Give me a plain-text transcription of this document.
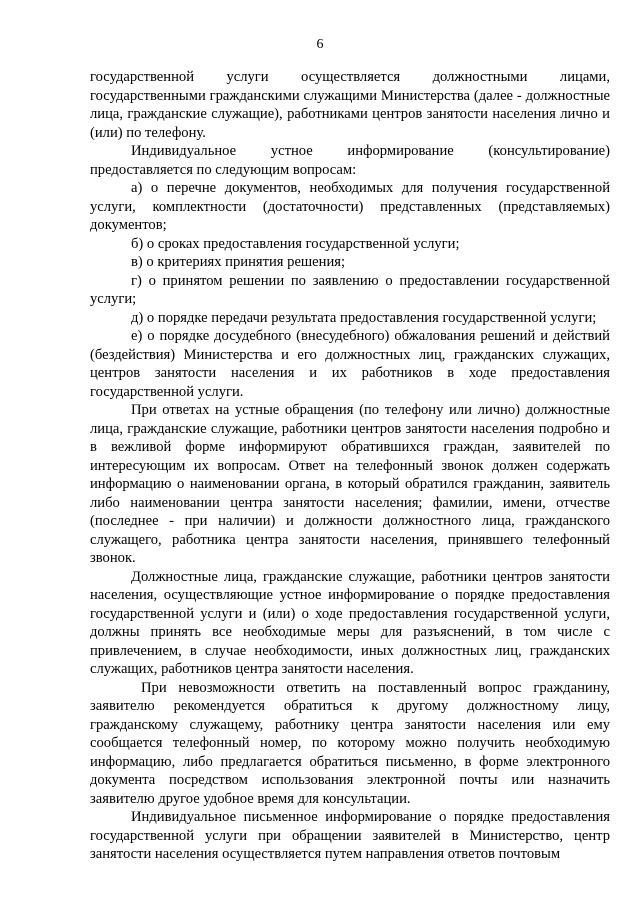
6

государственной услуги осуществляется должностными лицами, государственными гражданскими служащими Министерства (далее - должностные лица, гражданские служащие), работниками центров занятости населения лично и (или) по телефону.

Индивидуальное устное информирование (консультирование) предоставляется по следующим вопросам:

а) о перечне документов, необходимых для получения государственной услуги, комплектности (достаточности) представленных (представляемых) документов;

б) о сроках предоставления государственной услуги;

в) о критериях принятия решения;

г) о принятом решении по заявлению о предоставлении государственной услуги;

д) о порядке передачи результата предоставления государственной услуги;

е) о порядке досудебного (внесудебного) обжалования решений и действий (бездействия) Министерства и его должностных лиц, гражданских служащих, центров занятости населения и их работников в ходе предоставления государственной услуги.

При ответах на устные обращения (по телефону или лично) должностные лица, гражданские служащие, работники центров занятости населения подробно и в вежливой форме информируют обратившихся граждан, заявителей по интересующим их вопросам. Ответ на телефонный звонок должен содержать информацию о наименовании органа, в который обратился гражданин, заявитель либо наименовании центра занятости населения; фамилии, имени, отчестве (последнее - при наличии) и должности должностного лица, гражданского служащего, работника центра занятости населения, принявшего телефонный звонок.

Должностные лица, гражданские служащие, работники центров занятости населения, осуществляющие устное информирование о порядке предоставления государственной услуги и (или) о ходе предоставления государственной услуги, должны принять все необходимые меры для разъяснений, в том числе с привлечением, в случае необходимости, иных должностных лиц, гражданских служащих, работников центра занятости населения.

При невозможности ответить на поставленный вопрос гражданину, заявителю рекомендуется обратиться к другому должностному лицу, гражданскому служащему, работнику центра занятости населения или ему сообщается телефонный номер, по которому можно получить необходимую информацию, либо предлагается обратиться письменно, в форме электронного документа посредством использования электронной почты или назначить заявителю другое удобное время для консультации.

Индивидуальное письменное информирование о порядке предоставления государственной услуги при обращении заявителей в Министерство, центр занятости населения осуществляется путем направления ответов почтовым
